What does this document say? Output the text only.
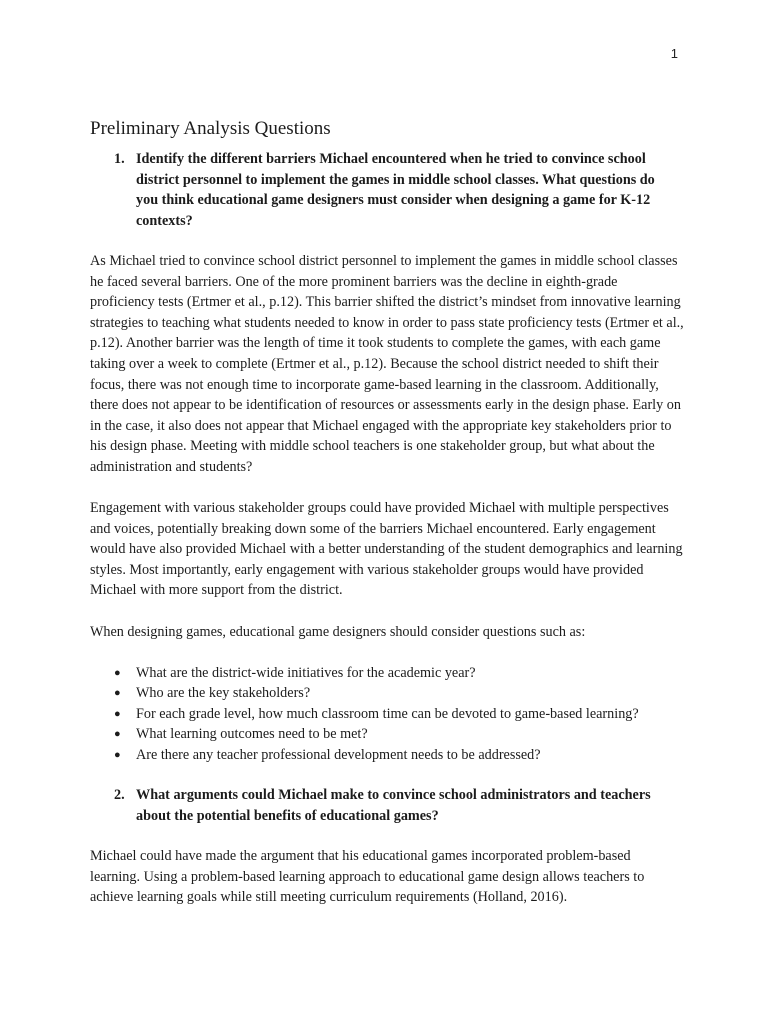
1
Preliminary Analysis Questions
1. Identify the different barriers Michael encountered when he tried to convince school district personnel to implement the games in middle school classes. What questions do you think educational game designers must consider when designing a game for K-12 contexts?

As Michael tried to convince school district personnel to implement the games in middle school classes he faced several barriers. One of the more prominent barriers was the decline in eighth-grade proficiency tests (Ertmer et al., p.12). This barrier shifted the district’s mindset from innovative learning strategies to teaching what students needed to know in order to pass state proficiency tests (Ertmer et al., p.12). Another barrier was the length of time it took students to complete the games, with each game taking over a week to complete (Ertmer et al., p.12). Because the school district needed to shift their focus, there was not enough time to incorporate game-based learning in the classroom. Additionally, there does not appear to be identification of resources or assessments early in the design phase. Early on in the case, it also does not appear that Michael engaged with the appropriate key stakeholders prior to his design phase. Meeting with middle school teachers is one stakeholder group, but what about the administration and students?

Engagement with various stakeholder groups could have provided Michael with multiple perspectives and voices, potentially breaking down some of the barriers Michael encountered. Early engagement would have also provided Michael with a better understanding of the student demographics and learning styles. Most importantly, early engagement with various stakeholder groups would have provided Michael with more support from the district.

When designing games, educational game designers should consider questions such as:

●	What are the district-wide initiatives for the academic year?
●	Who are the key stakeholders?
●	For each grade level, how much classroom time can be devoted to game-based learning?
●	What learning outcomes need to be met?
●	Are there any teacher professional development needs to be addressed?
2. What arguments could Michael make to convince school administrators and teachers about the potential benefits of educational games?

Michael could have made the argument that his educational games incorporated problem-based learning. Using a problem-based learning approach to educational game design allows teachers to achieve learning goals while still meeting curriculum requirements (Holland, 2016).
